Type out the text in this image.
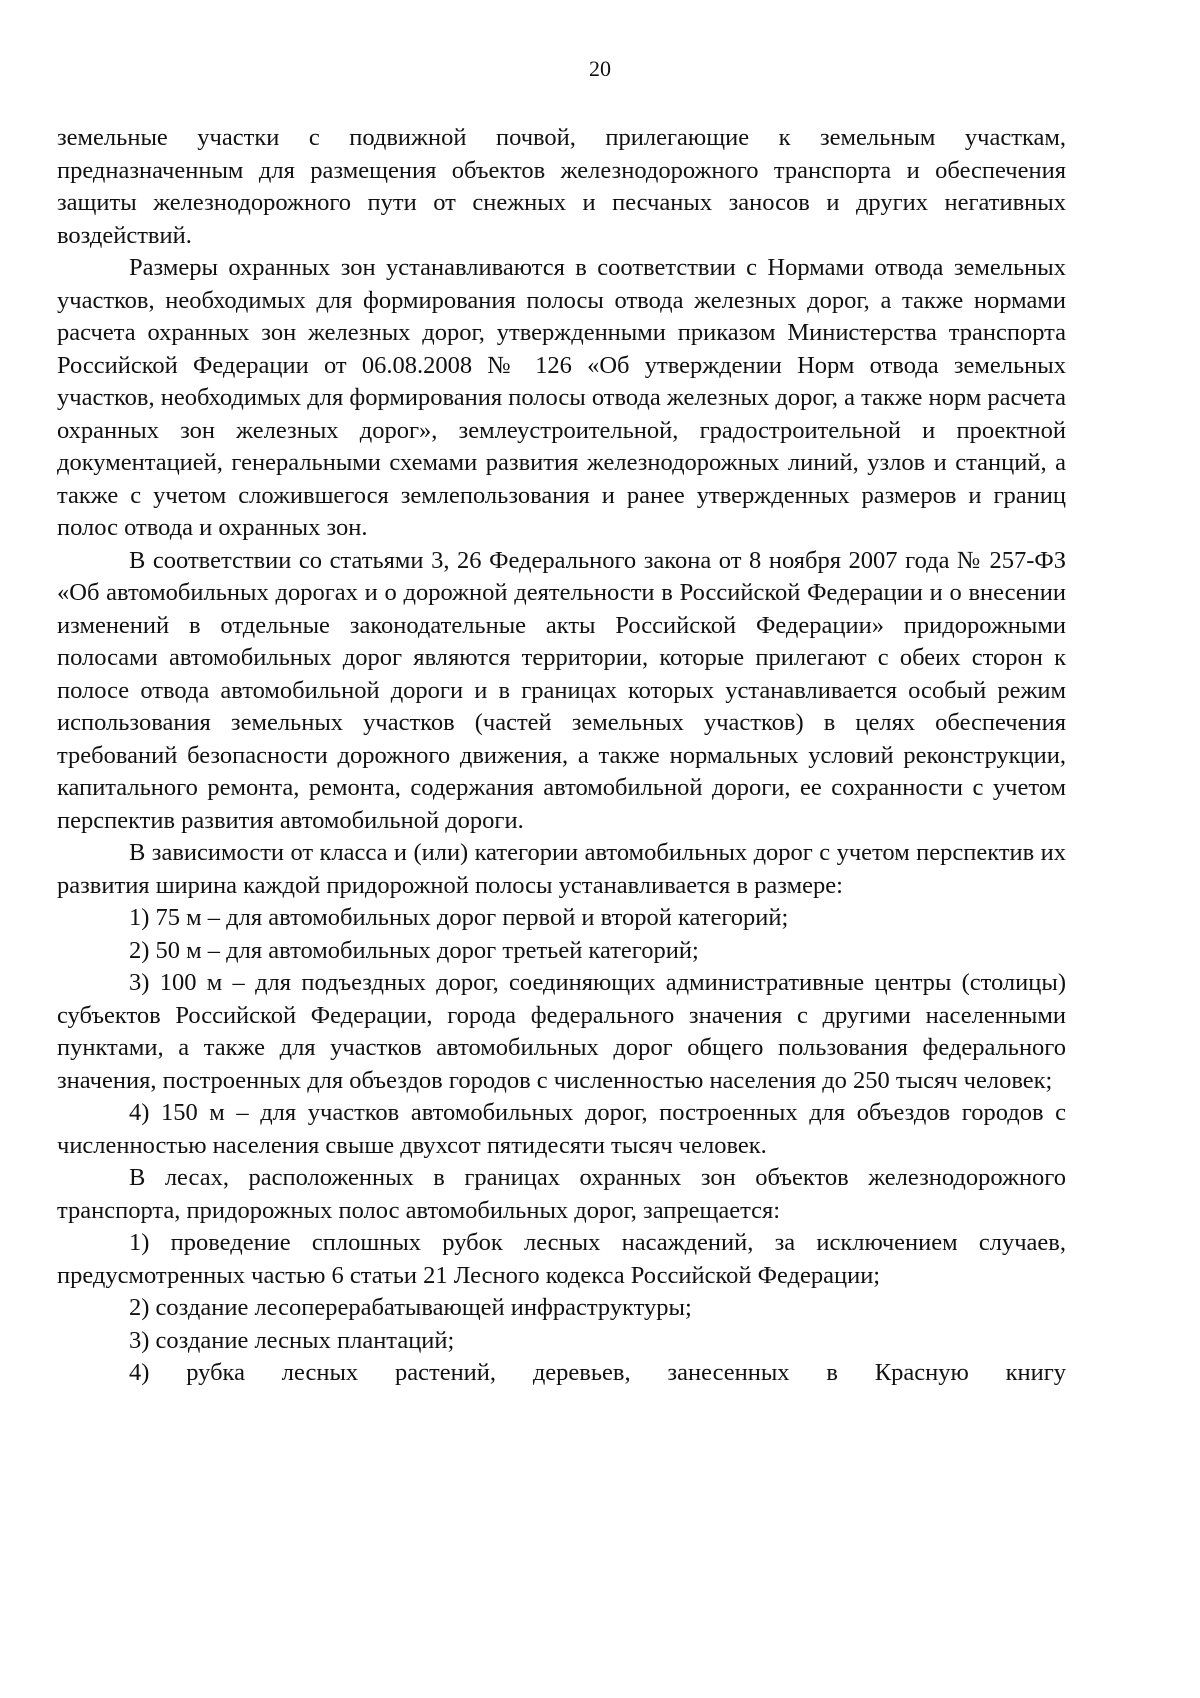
20

земельные участки с подвижной почвой, прилегающие к земельным участкам, предназначенным для размещения объектов железнодорожного транспорта и обеспечения защиты железнодорожного пути от снежных и песчаных заносов и других негативных воздействий.

Размеры охранных зон устанавливаются в соответствии с Нормами отвода земельных участков, необходимых для формирования полосы отвода железных дорог, а также нормами расчета охранных зон железных дорог, утвержденными приказом Министерства транспорта Российской Федерации от 06.08.2008 № 126 «Об утверждении Норм отвода земельных участков, необходимых для формирования полосы отвода железных дорог, а также норм расчета охранных зон железных дорог», землеустроительной, градостроительной и проектной документацией, генеральными схемами развития железнодорожных линий, узлов и станций, а также с учетом сложившегося землепользования и ранее утвержденных размеров и границ полос отвода и охранных зон.

В соответствии со статьями 3, 26 Федерального закона от 8 ноября 2007 года № 257-ФЗ «Об автомобильных дорогах и о дорожной деятельности в Российской Федерации и о внесении изменений в отдельные законодательные акты Российской Федерации» придорожными полосами автомобильных дорог являются территории, которые прилегают с обеих сторон к полосе отвода автомобильной дороги и в границах которых устанавливается особый режим использования земельных участков (частей земельных участков) в целях обеспечения требований безопасности дорожного движения, а также нормальных условий реконструкции, капитального ремонта, ремонта, содержания автомобильной дороги, ее сохранности с учетом перспектив развития автомобильной дороги.

В зависимости от класса и (или) категории автомобильных дорог с учетом перспектив их развития ширина каждой придорожной полосы устанавливается в размере:

1) 75 м – для автомобильных дорог первой и второй категорий;

2) 50 м – для автомобильных дорог третьей категорий;

3) 100 м – для подъездных дорог, соединяющих административные центры (столицы) субъектов Российской Федерации, города федерального значения с другими населенными пунктами, а также для участков автомобильных дорог общего пользования федерального значения, построенных для объездов городов с численностью населения до 250 тысяч человек;

4) 150 м – для участков автомобильных дорог, построенных для объездов городов с численностью населения свыше двухсот пятидесяти тысяч человек.

В лесах, расположенных в границах охранных зон объектов железнодорожного транспорта, придорожных полос автомобильных дорог, запрещается:

1) проведение сплошных рубок лесных насаждений, за исключением случаев, предусмотренных частью 6 статьи 21 Лесного кодекса Российской Федерации;

2) создание лесоперерабатывающей инфраструктуры;

3) создание лесных плантаций;

4) рубка лесных растений, деревьев, занесенных в Красную книгу
